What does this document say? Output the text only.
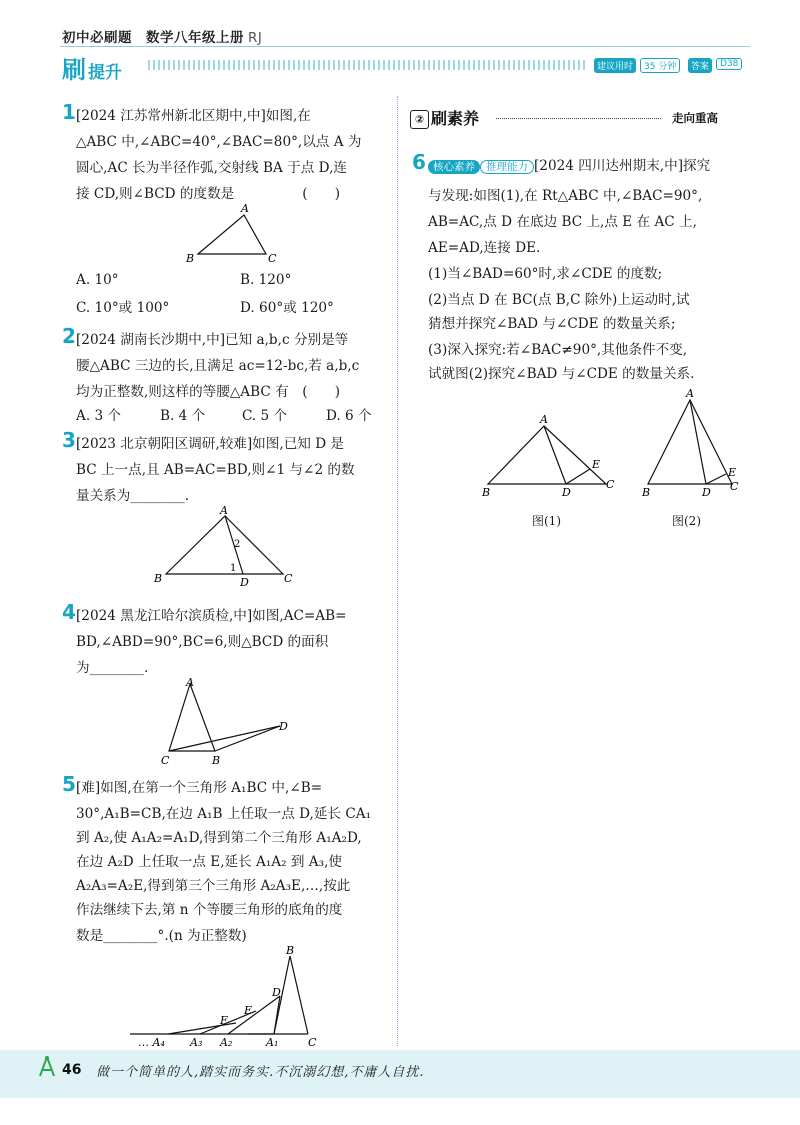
初中必刷题　数学八年级上册 RJ
刷 提升	建议用时	35 分钟	答案	D38
1 [2024 江苏常州新北区期中,中]如图,在
△ABC 中,∠ABC=40°,∠BAC=80°,以点 A 为
圆心,AC 长为半径作弧,交射线 BA 于点 D,连
接 CD,则∠BCD 的度数是　　　　　(　　)
A
B	C
A. 10°	B. 120°
C. 10°或 100°	D. 60°或 120°
2 [2024 湖南长沙期中,中]已知 a,b,c 分别是等
腰△ABC 三边的长,且满足 ac=12-bc,若 a,b,c
均为正整数,则这样的等腰△ABC 有　(　　)
A. 3 个	B. 4 个	C. 5 个	D. 6 个
3 [2023 北京朝阳区调研,较难]如图,已知 D 是
BC 上一点,且 AB=AC=BD,则∠1 与∠2 的数
量关系为________.
A
B	C
D
1
2
4 [2024 黑龙江哈尔滨质检,中]如图,AC=AB=
BD,∠ABD=90°,BC=6,则△BCD 的面积
为________.
A
B
C
D
5 [难]如图,在第一个三角形 A₁BC 中,∠B=
30°,A₁B=CB,在边 A₁B 上任取一点 D,延长 CA₁
到 A₂,使 A₁A₂=A₁D,得到第二个三角形 A₁A₂D,
在边 A₂D 上任取一点 E,延长 A₁A₂ 到 A₃,使
A₂A₃=A₂E,得到第三个三角形 A₂A₃E,…,按此
作法继续下去,第 n 个等腰三角形的底角的度
数是________°.(n 为正整数)
B
D
E
F
… A₄ A₃ A₂	A₁	C
② 刷素养	走向重高
6 核心素养 推理能力 [2024 四川达州期末,中]探究
与发现:如图(1),在 Rt△ABC 中,∠BAC=90°,
AB=AC,点 D 在底边 BC 上,点 E 在 AC 上,
AE=AD,连接 DE.
(1)当∠BAD=60°时,求∠CDE 的度数;
(2)当点 D 在 BC(点 B,C 除外)上运动时,试
猜想并探究∠BAD 与∠CDE 的数量关系;
(3)深入探究:若∠BAC≠90°,其他条件不变,
试就图(2)探究∠BAD 与∠CDE 的数量关系.
A
B
C
D
E
图(1)
A
B	C
D
E
图(2)
46 做一个简单的人,踏实而务实.不沉溺幻想,不庸人自扰.
